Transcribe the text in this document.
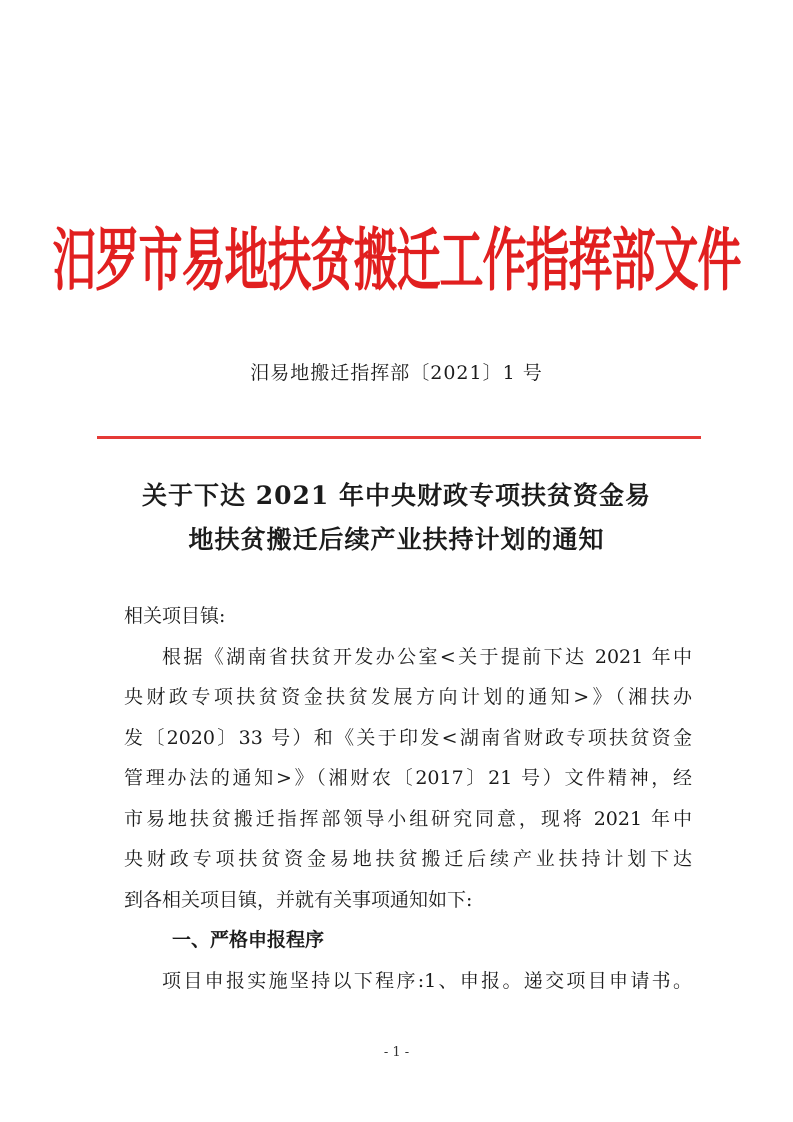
汨罗市易地扶贫搬迁工作指挥部文件
汨易地搬迁指挥部〔2021〕1 号
关于下达 2021 年中央财政专项扶贫资金易
地扶贫搬迁后续产业扶持计划的通知
相关项目镇:
根据《湖南省扶贫开发办公室<关于提前下达 2021 年中
央财政专项扶贫资金扶贫发展方向计划的通知>》（湘扶办
发〔2020〕33 号）和《关于印发<湖南省财政专项扶贫资金
管理办法的通知>》（湘财农〔2017〕21 号）文件精神，经
市易地扶贫搬迁指挥部领导小组研究同意，现将 2021 年中
央财政专项扶贫资金易地扶贫搬迁后续产业扶持计划下达
到各相关项目镇，并就有关事项通知如下:
一、严格申报程序
项目申报实施坚持以下程序:1、申报。递交项目申请书。
- 1 -
